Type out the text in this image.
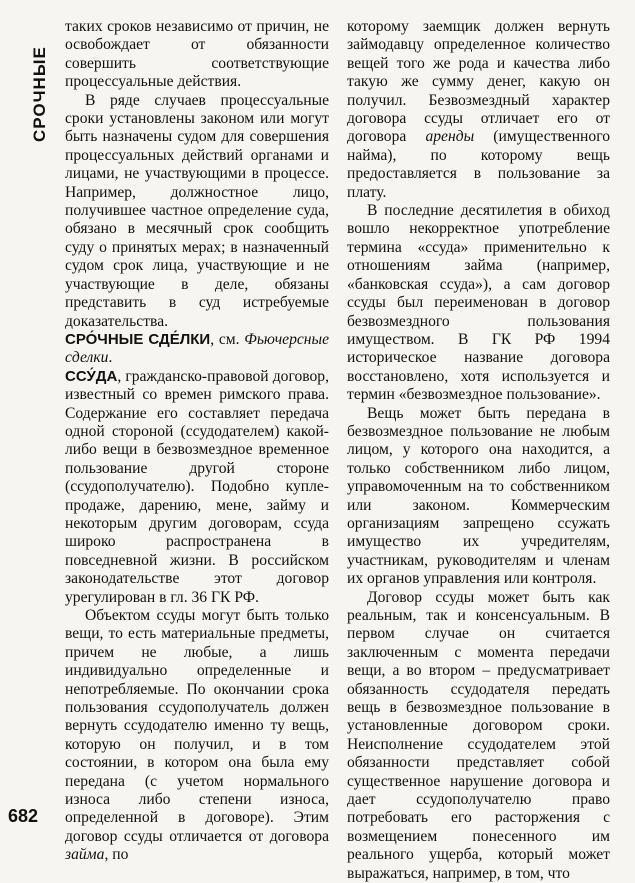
СРОЧНЫЕ

таких сроков независимо от причин, не освобождает от обязанности совершить соответствующие процессуальные действия.

В ряде случаев процессуальные сроки установлены законом или могут быть назначены судом для совершения процессуальных действий органами и лицами, не участвующими в процессе. Например, должностное лицо, получившее частное определение суда, обязано в месячный срок сообщить суду о принятых мерах; в назначенный судом срок лица, участвующие и не участвующие в деле, обязаны представить в суд истребуемые доказательства.

СРО́ЧНЫЕ СДЕ́ЛКИ, см. Фьючерсные сделки.

ССУ́ДА, гражданско-правовой договор, известный со времен римского права. Содержание его составляет передача одной стороной (ссудодателем) какой-либо вещи в безвозмездное временное пользование другой стороне (ссудополучателю). Подобно купле-продаже, дарению, мене, займу и некоторым другим договорам, ссуда широко распространена в повседневной жизни. В российском законодательстве этот договор урегулирован в гл. 36 ГК РФ.

Объектом ссуды могут быть только вещи, то есть материальные предметы, причем не любые, а лишь индивидуально определенные и непотребляемые. По окончании срока пользования ссудополучатель должен вернуть ссудодателю именно ту вещь, которую он получил, и в том состоянии, в котором она была ему передана (с учетом нормального износа либо степени износа, определенной в договоре). Этим договор ссуды отличается от договора займа, по

которому заемщик должен вернуть займодавцу определенное количество вещей того же рода и качества либо такую же сумму денег, какую он получил. Безвозмездный характер договора ссуды отличает его от договора аренды (имущественного найма), по которому вещь предоставляется в пользование за плату.

В последние десятилетия в обиход вошло некорректное употребление термина «ссуда» применительно к отношениям займа (например, «банковская ссуда»), а сам договор ссуды был переименован в договор безвозмездного пользования имуществом. В ГК РФ 1994 историческое название договора восстановлено, хотя используется и термин «безвозмездное пользование».

Вещь может быть передана в безвозмездное пользование не любым лицом, у которого она находится, а только собственником либо лицом, управомоченным на то собственником или законом. Коммерческим организациям запрещено ссужать имущество их учредителям, участникам, руководителям и членам их органов управления или контроля.

Договор ссуды может быть как реальным, так и консенсуальным. В первом случае он считается заключенным с момента передачи вещи, а во втором – предусматривает обязанность ссудодателя передать вещь в безвозмездное пользование в установленные договором сроки. Неисполнение ссудодателем этой обязанности представляет собой существенное нарушение договора и дает ссудополучателю право потребовать его расторжения с возмещением понесенного им реального ущерба, который может выражаться, например, в том, что

682
